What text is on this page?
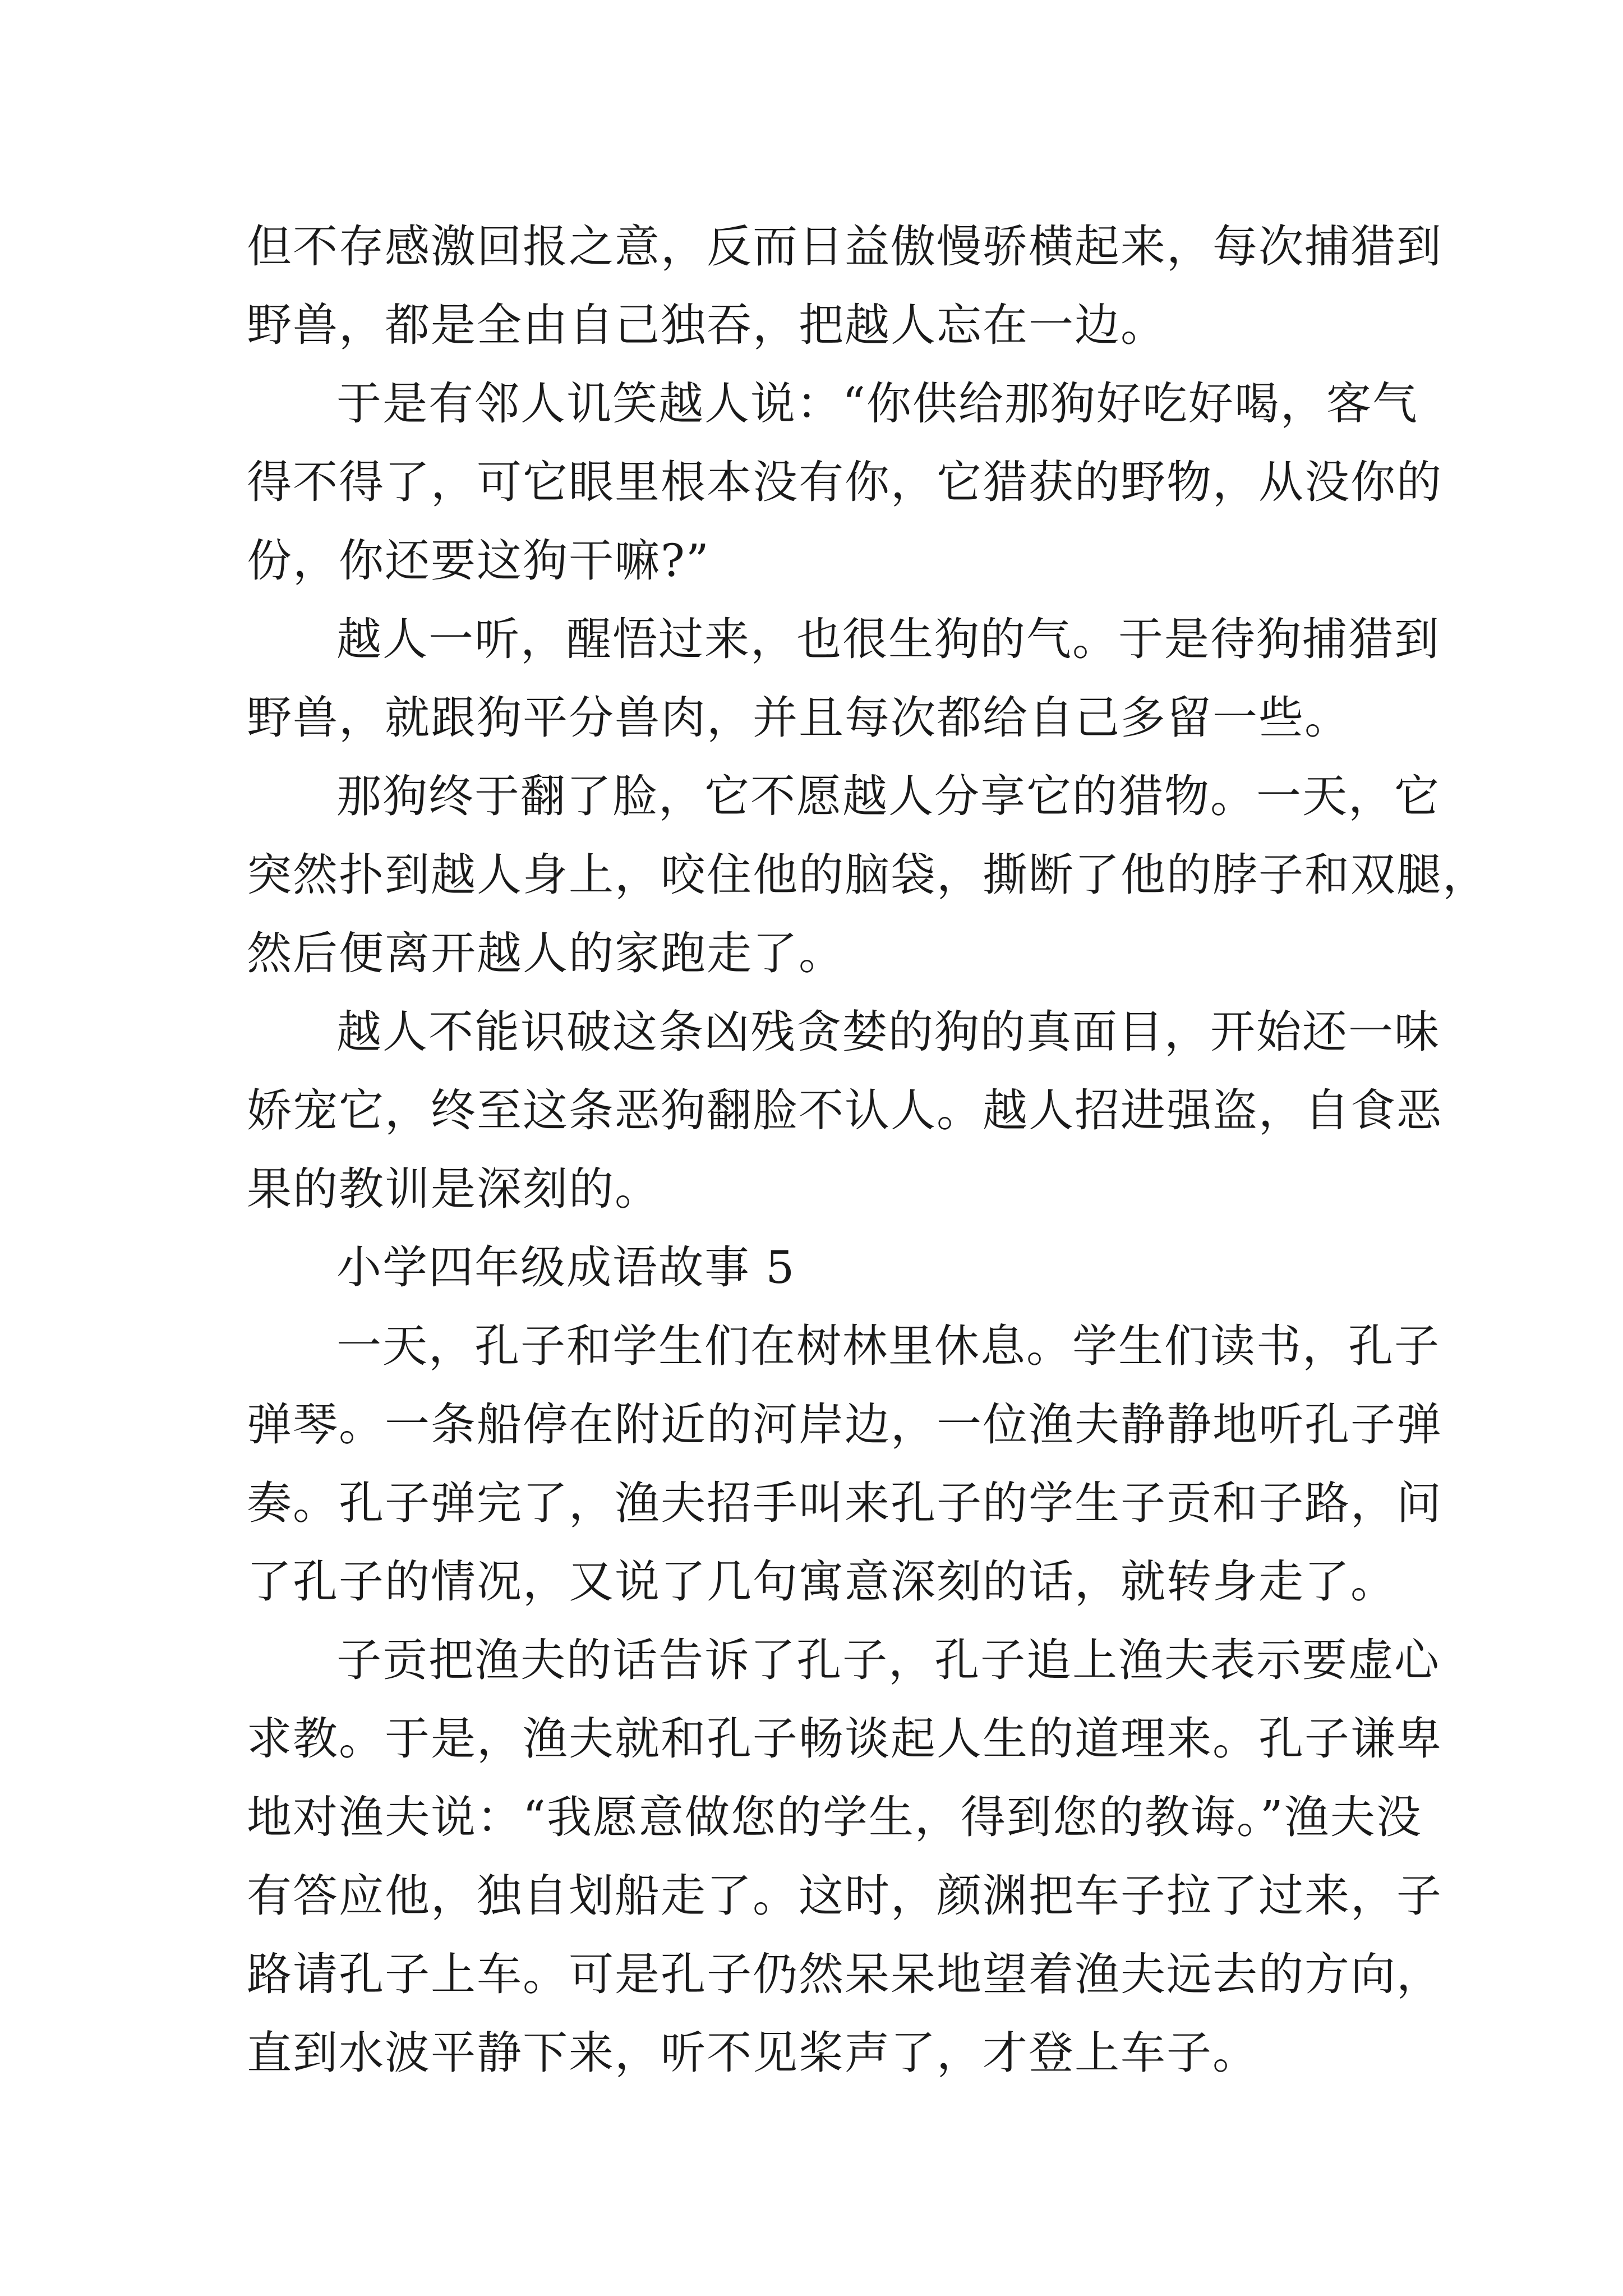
但不存感激回报之意，反而日益傲慢骄横起来，每次捕猎到
野兽，都是全由自己独吞，把越人忘在一边。
于是有邻人讥笑越人说：“你供给那狗好吃好喝，客气
得不得了，可它眼里根本没有你，它猎获的野物，从没你的
份，你还要这狗干嘛?”
越人一听，醒悟过来，也很生狗的气。于是待狗捕猎到
野兽，就跟狗平分兽肉，并且每次都给自己多留一些。
那狗终于翻了脸，它不愿越人分享它的猎物。一天，它
突然扑到越人身上，咬住他的脑袋，撕断了他的脖子和双腿，
然后便离开越人的家跑走了。
越人不能识破这条凶残贪婪的狗的真面目，开始还一味
娇宠它，终至这条恶狗翻脸不认人。越人招进强盗，自食恶
果的教训是深刻的。
小学四年级成语故事 5
一天，孔子和学生们在树林里休息。学生们读书，孔子
弹琴。一条船停在附近的河岸边，一位渔夫静静地听孔子弹
奏。孔子弹完了，渔夫招手叫来孔子的学生子贡和子路，问
了孔子的情况，又说了几句寓意深刻的话，就转身走了。
子贡把渔夫的话告诉了孔子，孔子追上渔夫表示要虚心
求教。于是，渔夫就和孔子畅谈起人生的道理来。孔子谦卑
地对渔夫说：“我愿意做您的学生，得到您的教诲。”渔夫没
有答应他，独自划船走了。这时，颜渊把车子拉了过来，子
路请孔子上车。可是孔子仍然呆呆地望着渔夫远去的方向，
直到水波平静下来，听不见桨声了，才登上车子。
